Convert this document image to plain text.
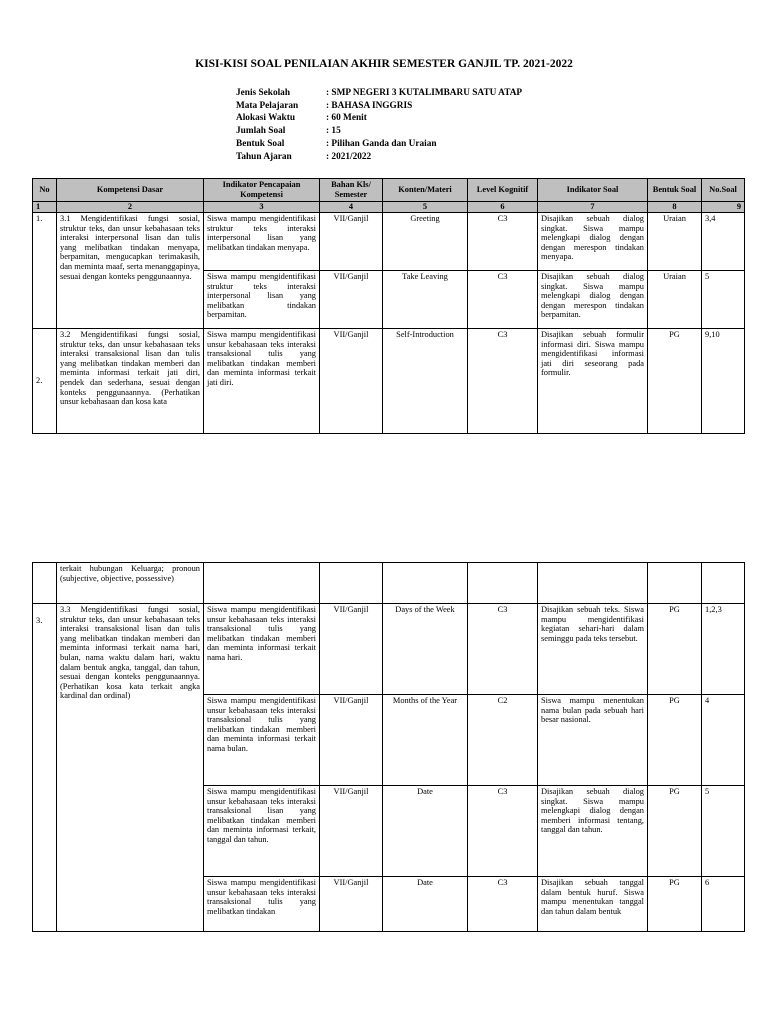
KISI-KISI SOAL PENILAIAN AKHIR SEMESTER GANJIL TP. 2021-2022
Jenis Sekolah	: SMP NEGERI 3 KUTALIMBARU SATU ATAP
Mata Pelajaran	: BAHASA INGGRIS
Alokasi Waktu	: 60 Menit
Jumlah Soal	: 15
Bentuk Soal	: Pilihan Ganda dan Uraian
Tahun Ajaran	: 2021/2022
No	Kompetensi Dasar	Indikator Pencapaian Kompetensi	Bahan Kls/ Semester	Konten/Materi	Level Kognitif	Indikator Soal	Bentuk Soal	No.Soal
1	2	3	4	5	6	7	8	9
1.	3.1 Mengidentifikasi fungsi sosial, struktur teks, dan unsur kebahasaan teks interaksi interpersonal lisan dan tulis yang melibatkan tindakan menyapa, berpamitan, mengucapkan terimakasih, dan meminta maaf, serta menanggapinya, sesuai dengan konteks penggunaannya.	Siswa mampu mengidentifikasi struktur teks interaksi interpersonal lisan yang melibatkan tindakan menyapa.	VII/Ganjil	Greeting	C3	Disajikan sebuah dialog singkat. Siswa mampu melengkapi dialog dengan dengan merespon tindakan menyapa.	Uraian	3,4
		Siswa mampu mengidentifikasi struktur teks interaksi interpersonal lisan yang melibatkan tindakan berpamitan.	VII/Ganjil	Take Leaving	C3	Disajikan sebuah dialog singkat. Siswa mampu melengkapi dialog dengan dengan merespon tindakan berpamitan.	Uraian	5
2.	3.2 Mengidentifikasi fungsi sosial, struktur teks, dan unsur kebahasaan teks interaksi transaksional lisan dan tulis yang melibatkan tindakan memberi dan meminta informasi terkait jati diri, pendek dan sederhana, sesuai dengan konteks penggunaannya. (Perhatikan unsur kebahasaan dan kosa kata	Siswa mampu mengidentifikasi unsur kebahasaan teks interaksi transaksional tulis yang melibatkan tindakan memberi dan meminta informasi terkait jati diri.	VII/Ganjil	Self-Introduction	C3	Disajikan sebuah formulir informasi diri. Siswa mampu mengidentifikasi informasi jati diri seseorang pada formulir.	PG	9,10
	terkait hubungan Keluarga; pronoun (subjective, objective, possessive)							
3.	3.3 Mengidentifikasi fungsi sosial, struktur teks, dan unsur kebahasaan teks interaksi transaksional lisan dan tulis yang melibatkan tindakan memberi dan meminta informasi terkait nama hari, bulan, nama waktu dalam hari, waktu dalam bentuk angka, tanggal, dan tahun, sesuai dengan konteks penggunaannya. (Perhatikan kosa kata terkait angka kardinal dan ordinal)	Siswa mampu mengidentifikasi unsur kebahasaan teks interaksi transaksional tulis yang melibatkan tindakan memberi dan meminta informasi terkait nama hari.	VII/Ganjil	Days of the Week	C3	Disajikan sebuah teks. Siswa mampu mengidentifikasi kegiatan sehari-hari dalam seminggu pada teks tersebut.	PG	1,2,3
		Siswa mampu mengidentifikasi unsur kebahasaan teks interaksi transaksional tulis yang melibatkan tindakan memberi dan meminta informasi terkait nama bulan.	VII/Ganjil	Months of the Year	C2	Siswa mampu menentukan nama bulan pada sebuah hari besar nasional.	PG	4
		Siswa mampu mengidentifikasi unsur kebahasaan teks interaksi transaksional lisan yang melibatkan tindakan memberi dan meminta informasi terkait, tanggal dan tahun.	VII/Ganjil	Date	C3	Disajikan sebuah dialog singkat. Siswa mampu melengkapi dialog dengan memberi informasi tentang, tanggal dan tahun.	PG	5
		Siswa mampu mengidentifikasi unsur kebahasaan teks interaksi transaksional tulis yang melibatkan tindakan	VII/Ganjil	Date	C3	Disajikan sebuah tanggal dalam bentuk huruf. Siswa mampu menentukan tanggal dan tahun dalam bentuk	PG	6
